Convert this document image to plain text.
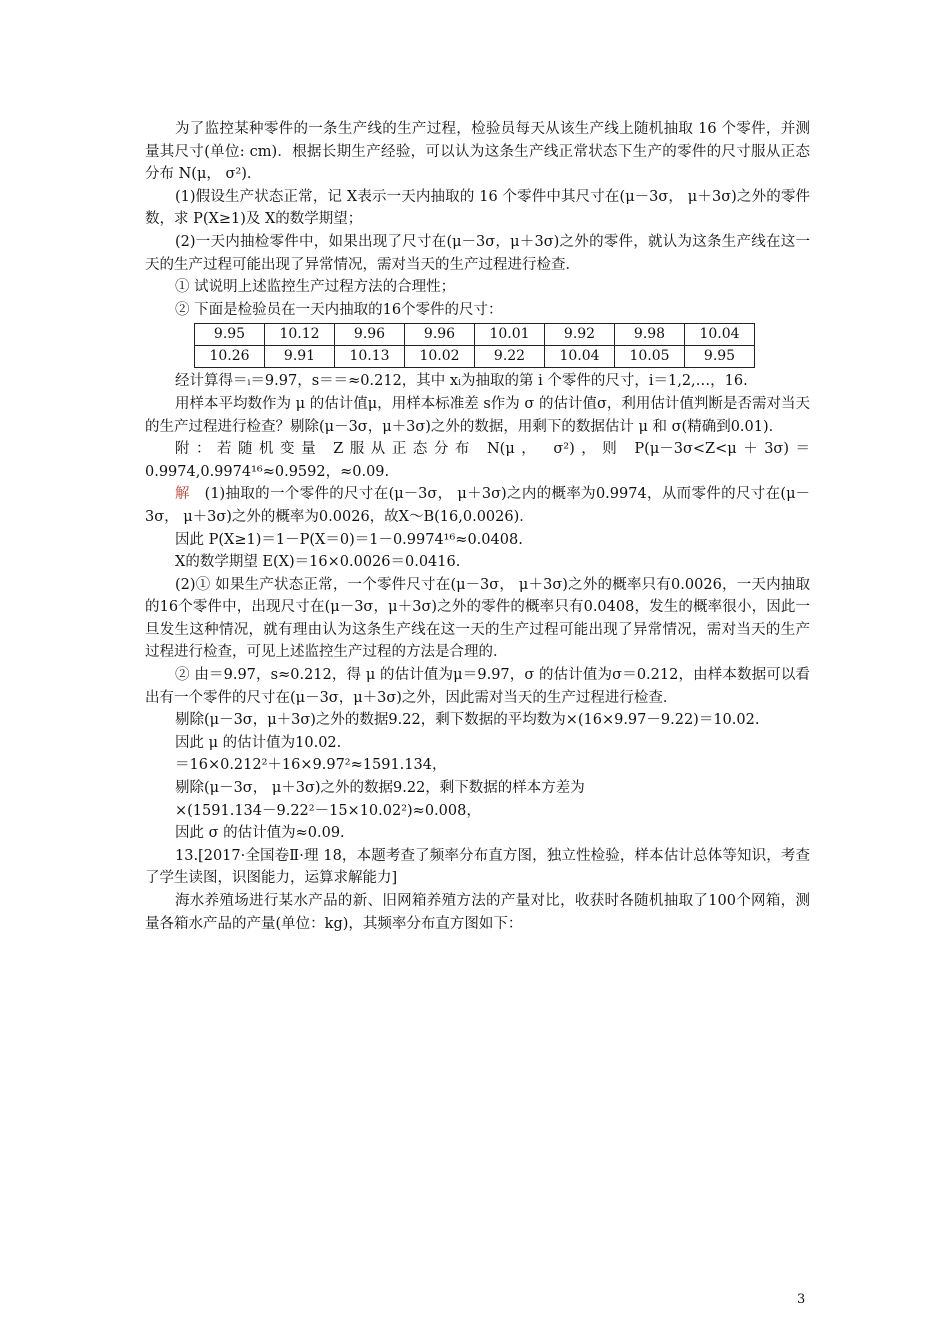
为了监控某种零件的一条生产线的生产过程，检验员每天从该生产线上随机抽取 16 个零件，并测量其尺寸(单位: cm)．根据长期生产经验，可以认为这条生产线正常状态下生产的零件的尺寸服从正态分布 N(μ， σ²)．

(1)假设生产状态正常，记 X表示一天内抽取的 16 个零件中其尺寸在(μ－3σ， μ＋3σ)之外的零件数，求 P(X≥1)及 X的数学期望；

(2)一天内抽检零件中，如果出现了尺寸在(μ－3σ，μ＋3σ)之外的零件，就认为这条生产线在这一天的生产过程可能出现了异常情况，需对当天的生产过程进行检查．

① 试说明上述监控生产过程方法的合理性；

② 下面是检验员在一天内抽取的16个零件的尺寸：

9.95	10.12	9.96	9.96	10.01	9.92	9.98	10.04
10.26	9.91	10.13	10.02	9.22	10.04	10.05	9.95

经计算得＝ᵢ＝9.97，s＝＝≈0.212，其中 xᵢ为抽取的第 i 个零件的尺寸，i＝1,2,…，16.

用样本平均数作为 μ 的估计值μ，用样本标准差 s作为 σ 的估计值σ，利用估计值判断是否需对当天的生产过程进行检查？剔除(μ－3σ，μ＋3σ)之外的数据，用剩下的数据估计 μ 和 σ(精确到0.01)．

附：若随机变量 Z服从正态分布 N(μ， σ²)，则 P(μ－3σ<Z<μ＋3σ)＝0.9974,0.9974¹⁶≈0.9592，≈0.09.

解　 (1)抽取的一个零件的尺寸在(μ－3σ， μ＋3σ)之内的概率为0.9974，从而零件的尺寸在(μ－3σ， μ＋3σ)之外的概率为0.0026，故X～B(16,0.0026)．

因此 P(X≥1)＝1－P(X＝0)＝1－0.9974¹⁶≈0.0408.

X的数学期望 E(X)＝16×0.0026＝0.0416.

(2)① 如果生产状态正常，一个零件尺寸在(μ－3σ， μ＋3σ)之外的概率只有0.0026，一天内抽取的16个零件中，出现尺寸在(μ－3σ，μ＋3σ)之外的零件的概率只有0.0408，发生的概率很小，因此一旦发生这种情况，就有理由认为这条生产线在这一天的生产过程可能出现了异常情况，需对当天的生产过程进行检查，可见上述监控生产过程的方法是合理的．

② 由＝9.97，s≈0.212，得 μ 的估计值为μ＝9.97，σ 的估计值为σ＝0.212，由样本数据可以看出有一个零件的尺寸在(μ－3σ，μ＋3σ)之外，因此需对当天的生产过程进行检查．

剔除(μ－3σ，μ＋3σ)之外的数据9.22，剩下数据的平均数为×(16×9.97－9.22)＝10.02.

因此 μ 的估计值为10.02.

＝16×0.212²＋16×9.97²≈1591.134，

剔除(μ－3σ， μ＋3σ)之外的数据9.22，剩下数据的样本方差为

×(1591.134－9.22²－15×10.02²)≈0.008，

因此 σ 的估计值为≈0.09.

13.[2017·全国卷Ⅱ·理 18，本题考查了频率分布直方图，独立性检验，样本估计总体等知识，考查了学生读图，识图能力，运算求解能力]

海水养殖场进行某水产品的新、旧网箱养殖方法的产量对比，收获时各随机抽取了100个网箱，测量各箱水产品的产量(单位：kg)，其频率分布直方图如下：

3
